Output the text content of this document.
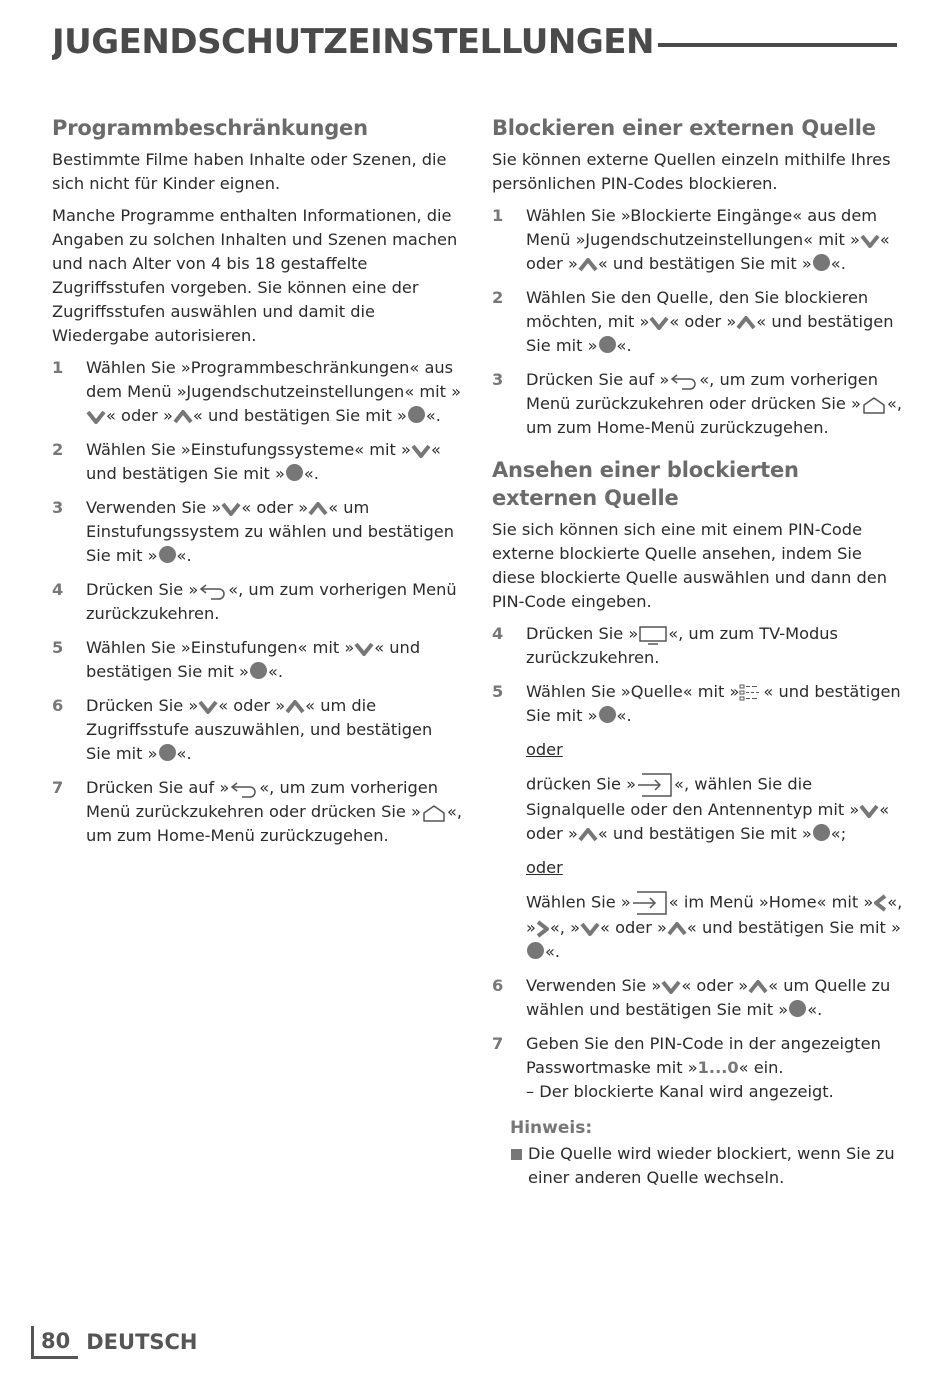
JUGENDSCHUTZEINSTELLUNGEN
Programmbeschränkungen

Bestimmte Filme haben Inhalte oder Szenen, die sich nicht für Kinder eignen.

Manche Programme enthalten Informationen, die Angaben zu solchen Inhalten und Szenen machen und nach Alter von 4 bis 18 gestaffelte Zugriffsstufen vorgeben. Sie können eine der Zugriffsstufen auswählen und damit die Wiedergabe autorisieren.

1 Wählen Sie »Programmbeschränkungen« aus dem Menü »Jugendschutzeinstellungen« mit »
« oder » « und bestätigen Sie mit » «.
2 Wählen Sie »Einstufungssysteme« mit » « und bestätigen Sie mit » «.
3 Verwenden Sie » « oder » « um Einstufungssystem zu wählen und bestätigen Sie mit » «.
4 Drücken Sie » «, um zum vorherigen Menü zurückzukehren.
5 Wählen Sie »Einstufungen« mit » « und bestätigen Sie mit » «.
6 Drücken Sie » « oder » « um die Zugriffsstufe auszuwählen, und bestätigen Sie mit » «.
7 Drücken Sie auf » «, um zum vorherigen Menü zurückzukehren oder drücken Sie » «, um zum Home-Menü zurückzugehen.
Blockieren einer externen Quelle

Sie können externe Quellen einzeln mithilfe Ihres persönlichen PIN-Codes blockieren.

1 Wählen Sie »Blockierte Eingänge« aus dem Menü »Jugendschutzeinstellungen« mit » « oder » « und bestätigen Sie mit » «.
2 Wählen Sie den Quelle, den Sie blockieren möchten, mit » « oder » « und bestätigen Sie mit » «.
3 Drücken Sie auf » «, um zum vorherigen Menü zurückzukehren oder drücken Sie » «, um zum Home-Menü zurückzugehen.
Ansehen einer blockierten externen Quelle

Sie sich können sich eine mit einem PIN-Code externe blockierte Quelle ansehen, indem Sie diese blockierte Quelle auswählen und dann den PIN-Code eingeben.

4 Drücken Sie » «, um zum TV-Modus zurückzukehren.
5 Wählen Sie »Quelle« mit » « und bestätigen Sie mit » «.
oder
drücken Sie » «, wählen Sie die Signalquelle oder den Antennentyp mit » « oder » « und bestätigen Sie mit » «;
oder
Wählen Sie » « im Menü »Home« mit » «, » «, » « oder » « und bestätigen Sie mit »«.
6 Verwenden Sie » « oder » « um Quelle zu wählen und bestätigen Sie mit » «.
7 Geben Sie den PIN-Code in der angezeigten Passwortmaske mit »1...0« ein.
– Der blockierte Kanal wird angezeigt.
Hinweis:
Die Quelle wird wieder blockiert, wenn Sie zu einer anderen Quelle wechseln.
80 DEUTSCH
